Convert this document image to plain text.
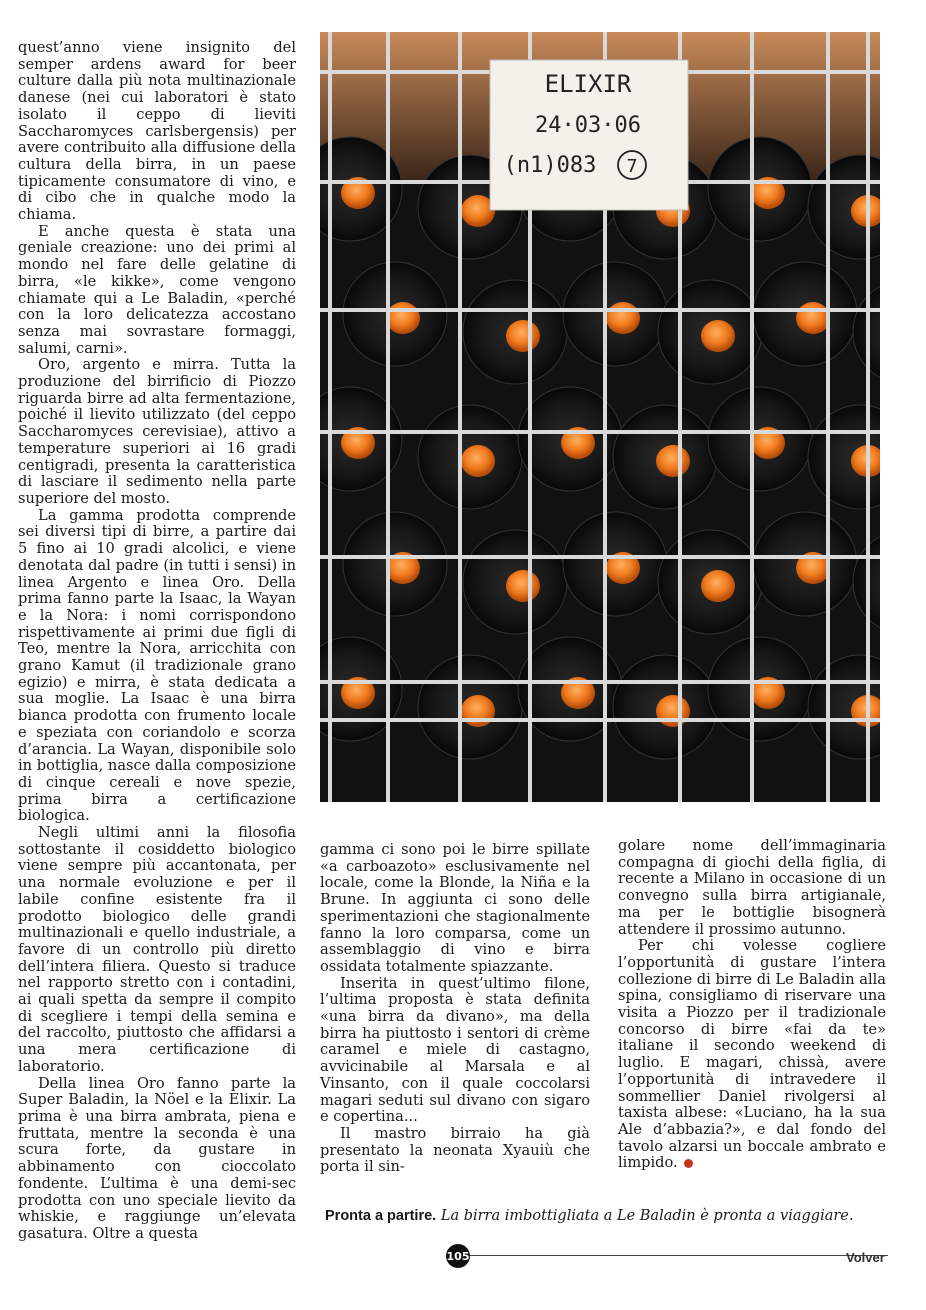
quest’anno viene insignito del semper ardens award for beer culture dalla più nota multinazionale danese (nei cui laboratori è stato isolato il ceppo di lieviti Saccharomyces carlsbergensis) per avere contribuito alla diffusione della cultura della birra, in un paese tipicamente consumatore di vino, e di cibo che in qualche modo la chiama.

E anche questa è stata una geniale creazione: uno dei primi al mondo nel fare delle gelatine di birra, «le kikke», come vengono chiamate qui a Le Baladin, «perché con la loro delicatezza accostano senza mai sovrastare formaggi, salumi, carni».

Oro, argento e mirra. Tutta la produzione del birrificio di Piozzo riguarda birre ad alta fermentazione, poiché il lievito utilizzato (del ceppo Saccharomyces cerevisiae), attivo a temperature superiori ai 16 gradi centigradi, presenta la caratteristica di lasciare il sedimento nella parte superiore del mosto.

La gamma prodotta comprende sei diversi tipi di birre, a partire dai 5 fino ai 10 gradi alcolici, e viene denotata dal padre (in tutti i sensi) in linea Argento e linea Oro. Della prima fanno parte la Isaac, la Wayan e la Nora: i nomi corrispondono rispettivamente ai primi due figli di Teo, mentre la Nora, arricchita con grano Kamut (il tradizionale grano egizio) e mirra, è stata dedicata a sua moglie. La Isaac è una birra bianca prodotta con frumento locale e speziata con coriandolo e scorza d’arancia. La Wayan, disponibile solo in bottiglia, nasce dalla composizione di cinque cereali e nove spezie, prima birra a certificazione biologica.

Negli ultimi anni la filosofia sottostante il cosiddetto biologico viene sempre più accantonata, per una normale evoluzione e per il labile confine esistente fra il prodotto biologico delle grandi multinazionali e quello industriale, a favore di un controllo più diretto dell’intera filiera. Questo si traduce nel rapporto stretto con i contadini, ai quali spetta da sempre il compito di scegliere i tempi della semina e del raccolto, piuttosto che affidarsi a una mera certificazione di laboratorio.

Della linea Oro fanno parte la Super Baladin, la Nöel e la Elixir. La prima è una birra ambrata, piena e fruttata, mentre la seconda è una scura forte, da gustare in abbinamento con cioccolato fondente. L’ultima è una demi-sec prodotta con uno speciale lievito da whiskie, e raggiunge un’elevata gasatura. Oltre a questa

ELIXIR
24·03·06
(n1)083 7

gamma ci sono poi le birre spillate «a carboazoto» esclusivamente nel locale, come la Blonde, la Niña e la Brune. In aggiunta ci sono delle sperimentazioni che stagionalmente fanno la loro comparsa, come un assemblaggio di vino e birra ossidata totalmente spiazzante.

Inserita in quest’ultimo filone, l’ultima proposta è stata definita «una birra da divano», ma della birra ha piuttosto i sentori di crème caramel e miele di castagno, avvicinabile al Marsala e al Vinsanto, con il quale coccolarsi magari seduti sul divano con sigaro e copertina...

Il mastro birraio ha già presentato la neonata Xyauiù che porta il sin-

golare nome dell’immaginaria compagna di giochi della figlia, di recente a Milano in occasione di un convegno sulla birra artigianale, ma per le bottiglie bisognerà attendere il prossimo autunno.

Per chi volesse cogliere l’opportunità di gustare l’intera collezione di birre di Le Baladin alla spina, consigliamo di riservare una visita a Piozzo per il tradizionale concorso di birre «fai da te» italiane il secondo weekend di luglio. E magari, chissà, avere l’opportunità di intravedere il sommellier Daniel rivolgersi al taxista albese: «Luciano, ha la sua Ale d’abbazia?», e dal fondo del tavolo alzarsi un boccale ambrato e limpido.

Pronta a partire. La birra imbottigliata a Le Baladin è pronta a viaggiare.
105	Volver
